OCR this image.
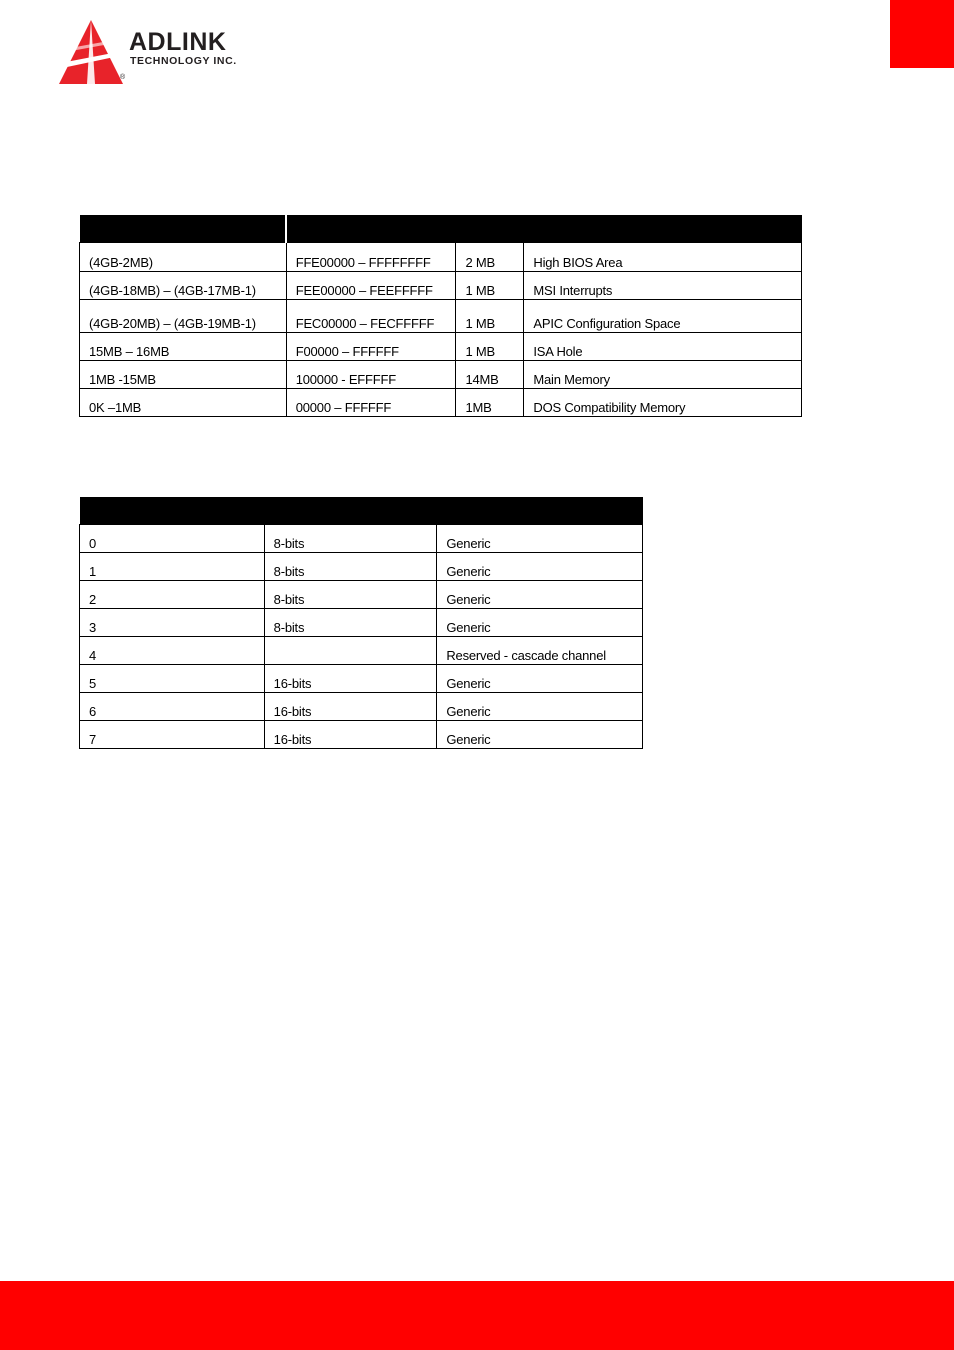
ADLINK
TECHNOLOGY INC.
®

(4GB-2MB)	FFE00000 – FFFFFFFF	2 MB	High BIOS Area
(4GB-18MB) – (4GB-17MB-1)	FEE00000 – FEEFFFFF	1 MB	MSI Interrupts
(4GB-20MB) – (4GB-19MB-1)	FEC00000 – FECFFFFF	1 MB	APIC Configuration Space
15MB – 16MB	F00000 – FFFFFF	1 MB	ISA Hole
1MB -15MB	100000 - EFFFFF	14MB	Main Memory
0K –1MB	00000 – FFFFFF	1MB	DOS Compatibility Memory

0	8-bits	Generic
1	8-bits	Generic
2	8-bits	Generic
3	8-bits	Generic
4		Reserved - cascade channel
5	16-bits	Generic
6	16-bits	Generic
7	16-bits	Generic
